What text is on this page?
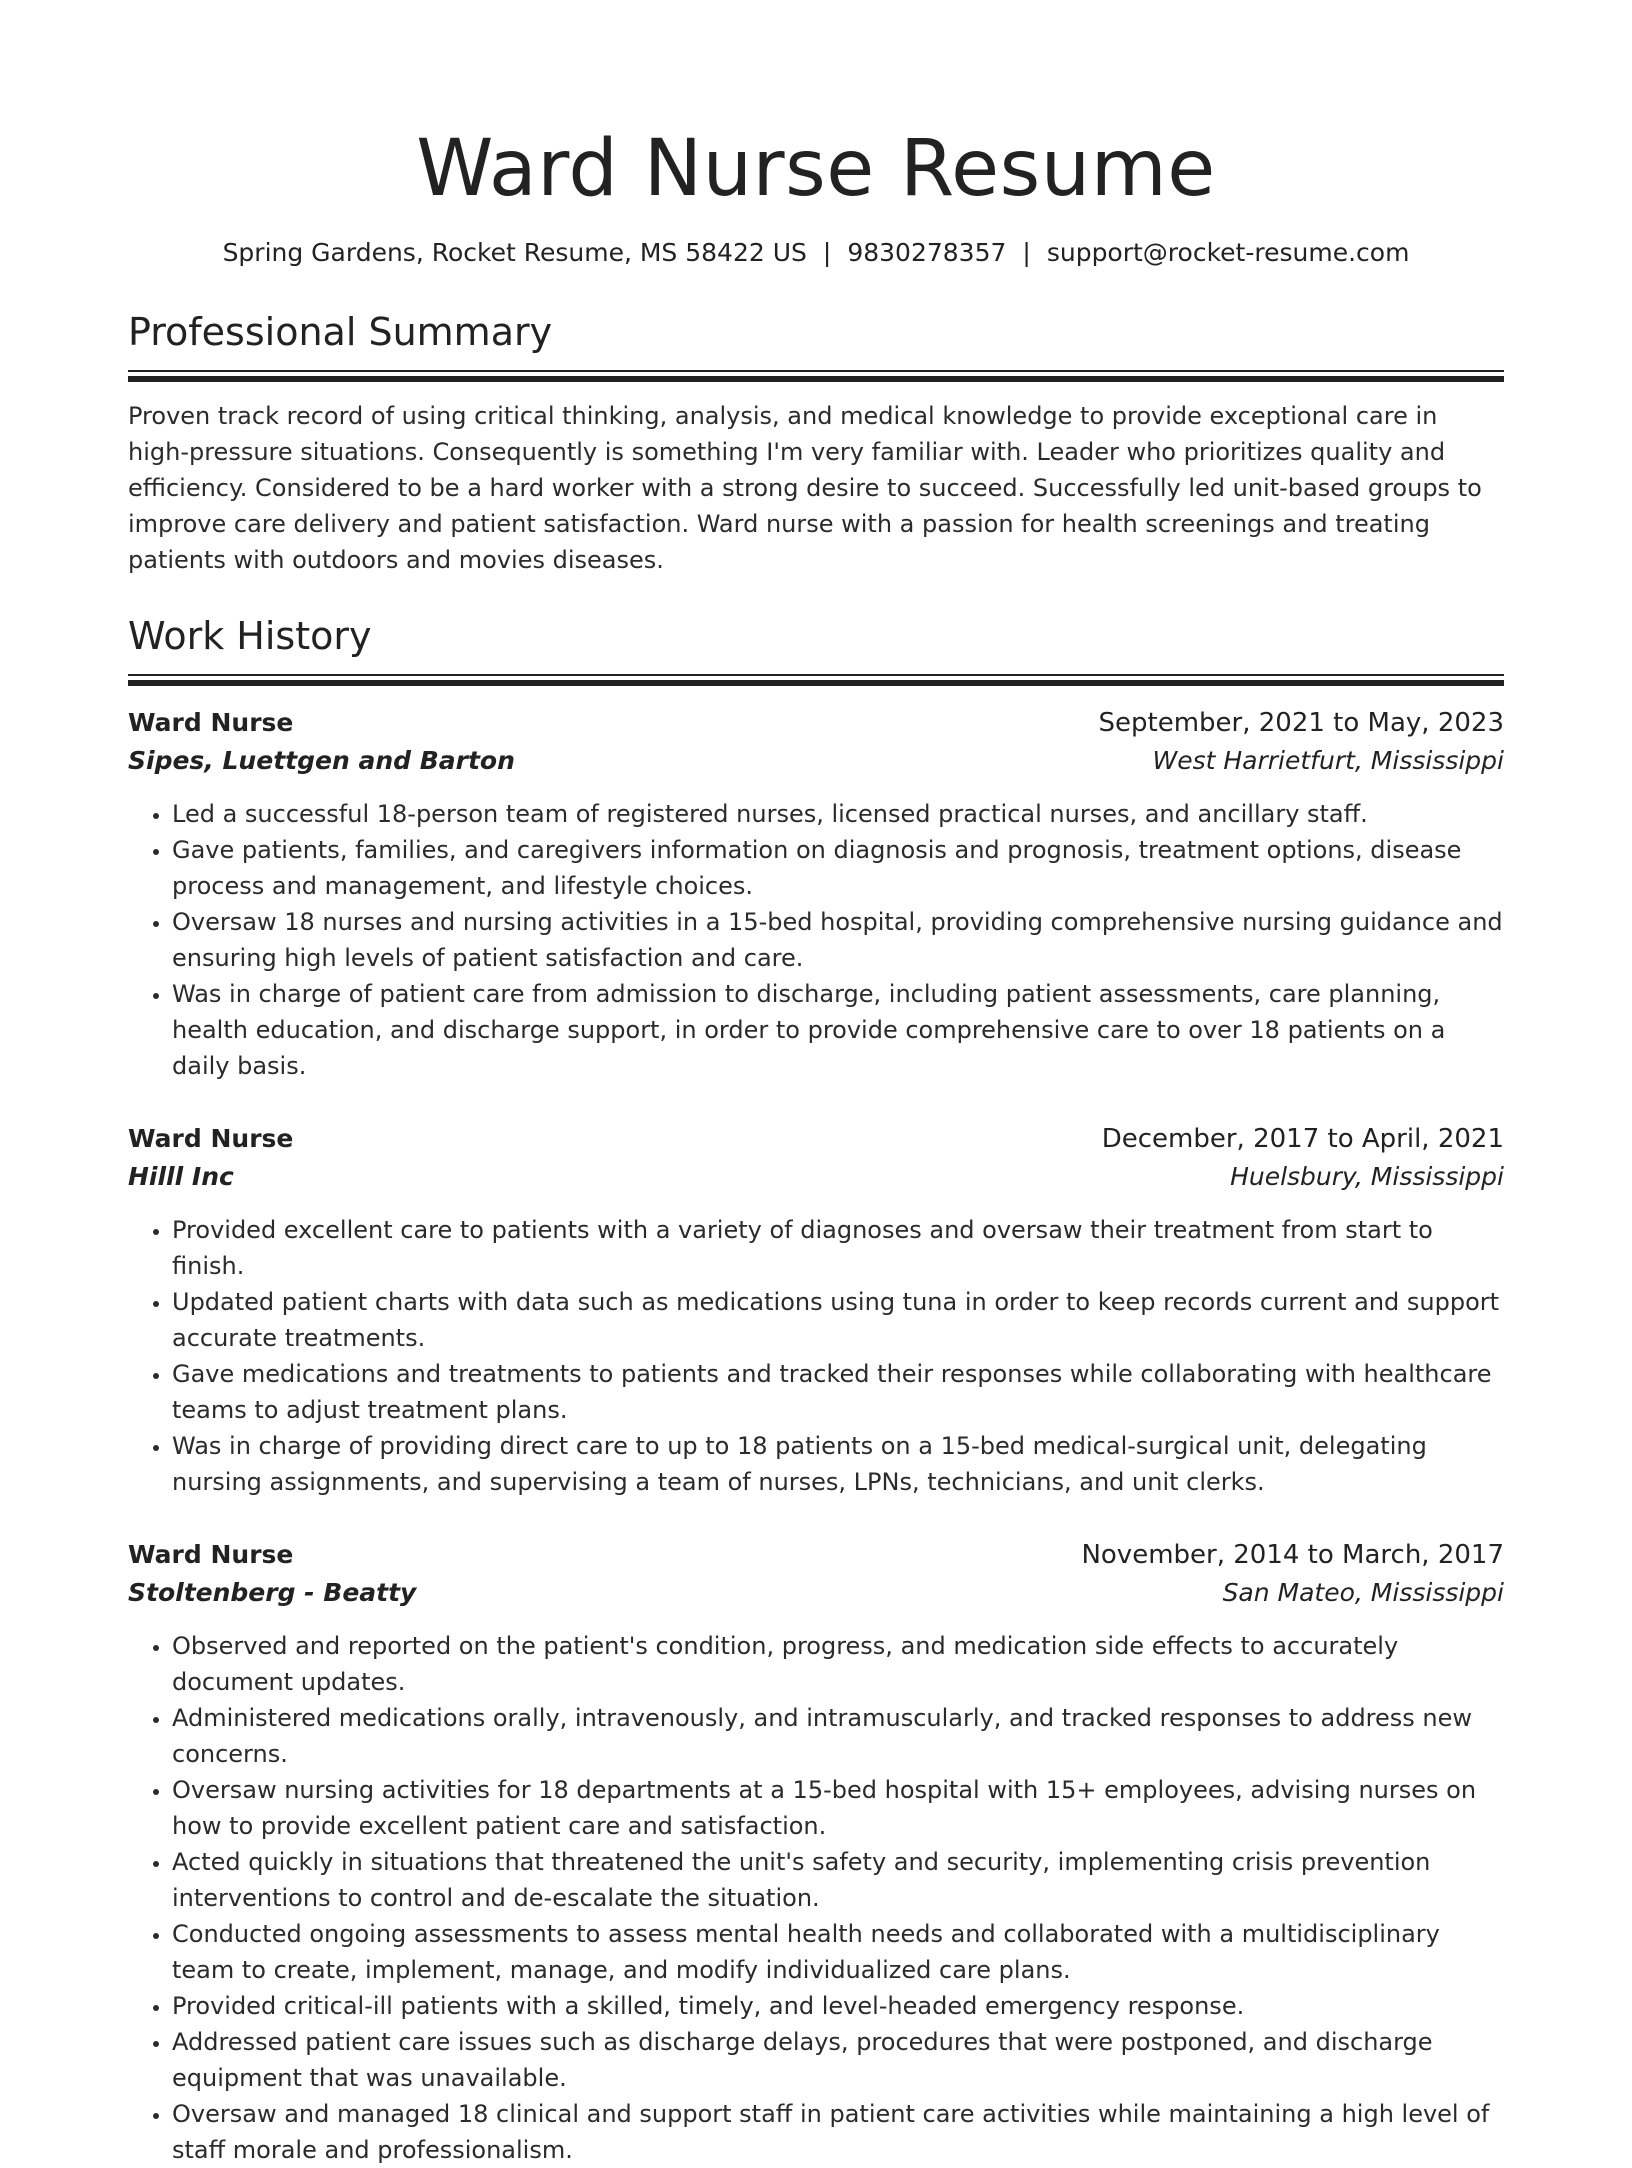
Ward Nurse Resume
Spring Gardens, Rocket Resume, MS 58422 US | 9830278357 | support@rocket-resume.com
Professional Summary

Proven track record of using critical thinking, analysis, and medical knowledge to provide exceptional care in high-pressure situations. Consequently is something I'm very familiar with. Leader who prioritizes quality and efficiency. Considered to be a hard worker with a strong desire to succeed. Successfully led unit-based groups to improve care delivery and patient satisfaction. Ward nurse with a passion for health screenings and treating patients with outdoors and movies diseases.

Work History
Ward Nurse	September, 2021 to May, 2023
Sipes, Luettgen and Barton	West Harrietfurt, Mississippi
• Led a successful 18-person team of registered nurses, licensed practical nurses, and ancillary staff.
• Gave patients, families, and caregivers information on diagnosis and prognosis, treatment options, disease process and management, and lifestyle choices.
• Oversaw 18 nurses and nursing activities in a 15-bed hospital, providing comprehensive nursing guidance and ensuring high levels of patient satisfaction and care.
• Was in charge of patient care from admission to discharge, including patient assessments, care planning, health education, and discharge support, in order to provide comprehensive care to over 18 patients on a daily basis.
Ward Nurse	December, 2017 to April, 2021
Hilll Inc	Huelsbury, Mississippi
• Provided excellent care to patients with a variety of diagnoses and oversaw their treatment from start to finish.
• Updated patient charts with data such as medications using tuna in order to keep records current and support accurate treatments.
• Gave medications and treatments to patients and tracked their responses while collaborating with healthcare teams to adjust treatment plans.
• Was in charge of providing direct care to up to 18 patients on a 15-bed medical-surgical unit, delegating nursing assignments, and supervising a team of nurses, LPNs, technicians, and unit clerks.
Ward Nurse	November, 2014 to March, 2017
Stoltenberg - Beatty	San Mateo, Mississippi
• Observed and reported on the patient's condition, progress, and medication side effects to accurately document updates.
• Administered medications orally, intravenously, and intramuscularly, and tracked responses to address new concerns.
• Oversaw nursing activities for 18 departments at a 15-bed hospital with 15+ employees, advising nurses on how to provide excellent patient care and satisfaction.
• Acted quickly in situations that threatened the unit's safety and security, implementing crisis prevention interventions to control and de-escalate the situation.
• Conducted ongoing assessments to assess mental health needs and collaborated with a multidisciplinary team to create, implement, manage, and modify individualized care plans.
• Provided critical-ill patients with a skilled, timely, and level-headed emergency response.
• Addressed patient care issues such as discharge delays, procedures that were postponed, and discharge equipment that was unavailable.
• Oversaw and managed 18 clinical and support staff in patient care activities while maintaining a high level of staff morale and professionalism.
